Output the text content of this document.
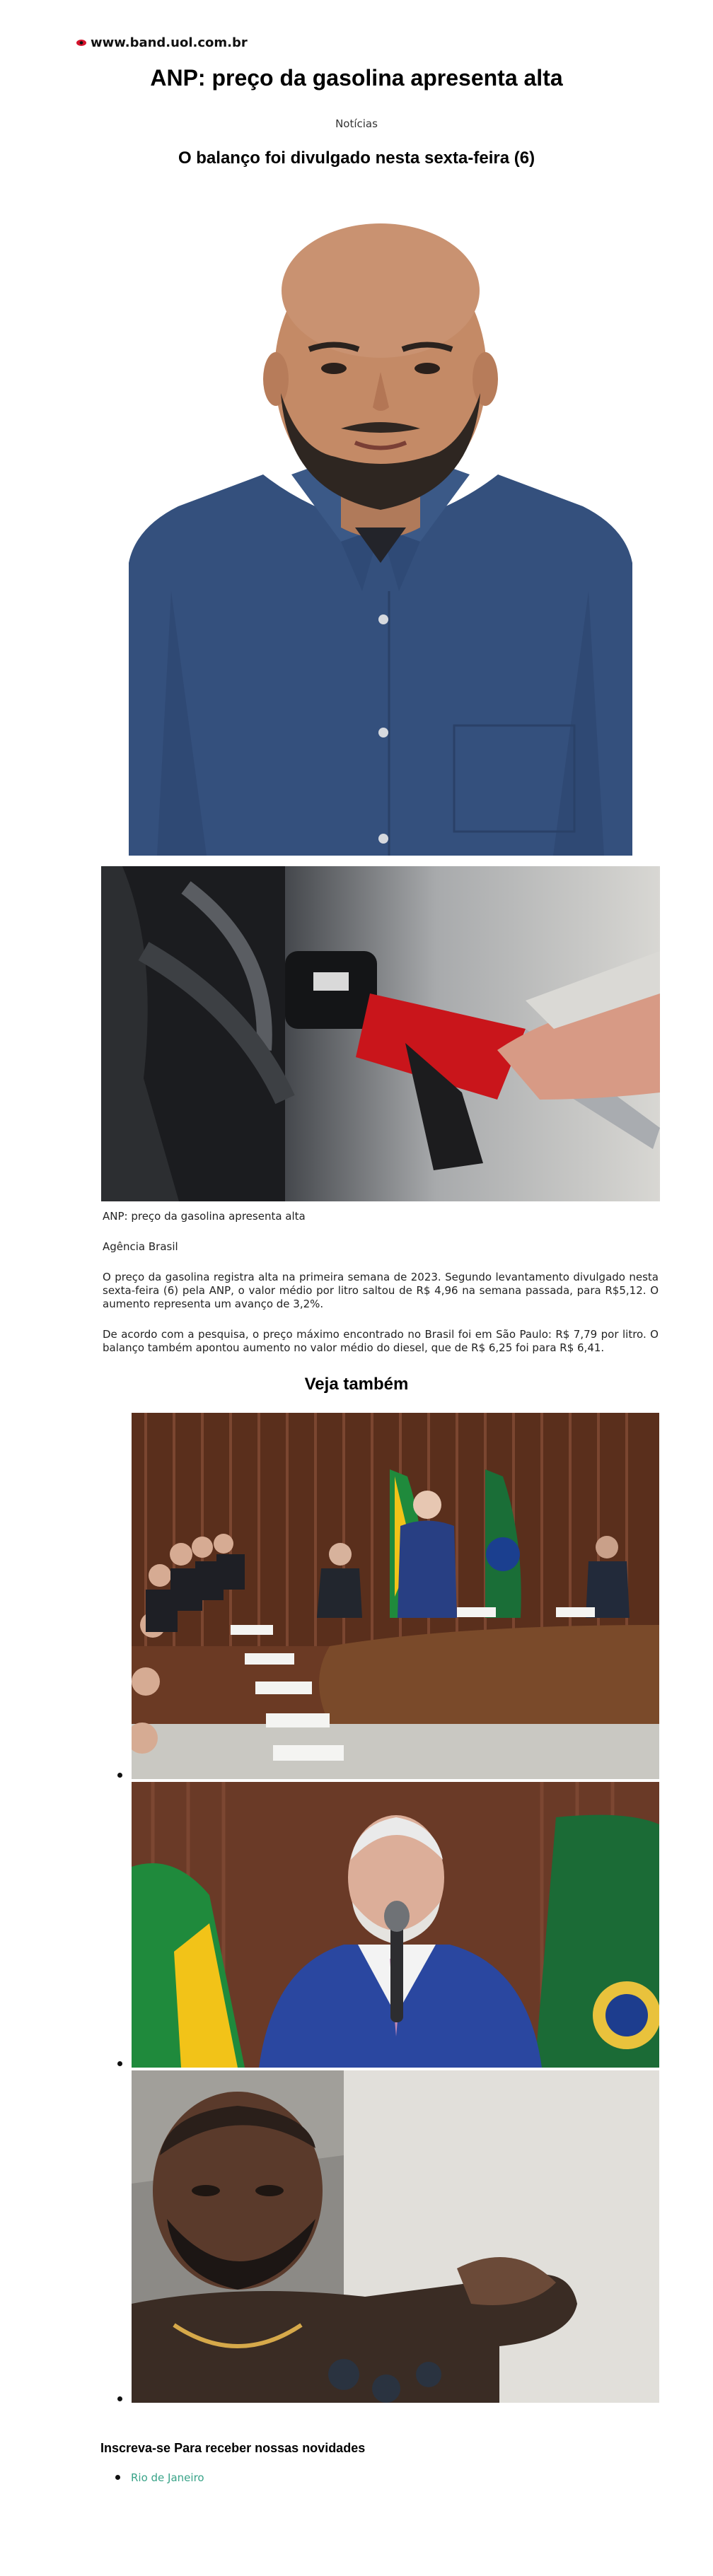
www.band.uol.com.br
ANP: preço da gasolina apresenta alta
Notícias
O balanço foi divulgado nesta sexta-feira (6)

ANP: preço da gasolina apresenta alta

Agência Brasil

O preço da gasolina registra alta na primeira semana de 2023. Segundo levantamento divulgado nesta sexta-feira (6) pela ANP, o valor médio por litro saltou de R$ 4,96 na semana passada, para R$5,12. O aumento representa um avanço de 3,2%.

De acordo com a pesquisa, o preço máximo encontrado no Brasil foi em São Paulo: R$ 7,79 por litro. O balanço também apontou aumento no valor médio do diesel, que de R$ 6,25 foi para R$ 6,41.

Veja também
Inscreva-se Para receber nossas novidades
Rio de Janeiro
